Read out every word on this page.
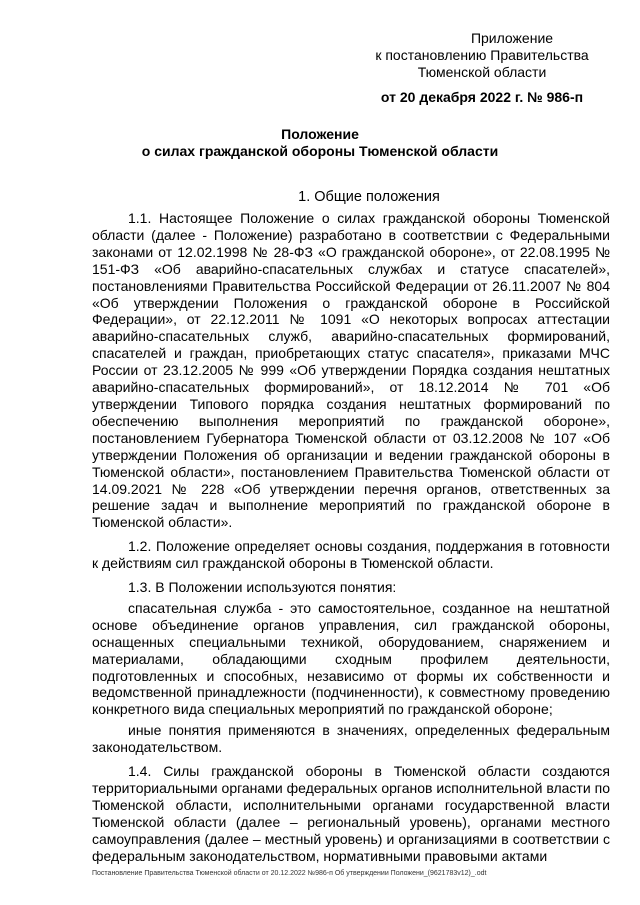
Приложение
к постановлению Правительства
Тюменской области
от 20 декабря 2022 г. № 986-п
Положение
о силах гражданской обороны Тюменской области
1. Общие положения

1.1. Настоящее Положение о силах гражданской обороны Тюменской области (далее - Положение) разработано в соответствии с Федеральными законами от 12.02.1998 № 28-ФЗ «О гражданской обороне», от 22.08.1995 № 151-ФЗ «Об аварийно-спасательных службах и статусе спасателей», постановлениями Правительства Российской Федерации от 26.11.2007 № 804 «Об утверждении Положения о гражданской обороне в Российской Федерации», от 22.12.2011 № 1091 «О некоторых вопросах аттестации аварийно-спасательных служб, аварийно-спасательных формирований, спасателей и граждан, приобретающих статус спасателя», приказами МЧС России от 23.12.2005 № 999 «Об утверждении Порядка создания нештатных аварийно-спасательных формирований», от 18.12.2014 № 701 «Об утверждении Типового порядка создания нештатных формирований по обеспечению выполнения мероприятий по гражданской обороне», постановлением Губернатора Тюменской области от 03.12.2008 № 107 «Об утверждении Положения об организации и ведении гражданской обороны в Тюменской области», постановлением Правительства Тюменской области от 14.09.2021 № 228 «Об утверждении перечня органов, ответственных за решение задач и выполнение мероприятий по гражданской обороне в Тюменской области».

1.2. Положение определяет основы создания, поддержания в готовности к действиям сил гражданской обороны в Тюменской области.

1.3. В Положении используются понятия:

спасательная служба - это самостоятельное, созданное на нештатной основе объединение органов управления, сил гражданской обороны, оснащенных специальными техникой, оборудованием, снаряжением и материалами, обладающими сходным профилем деятельности, подготовленных и способных, независимо от формы их собственности и ведомственной принадлежности (подчиненности), к совместному проведению конкретного вида специальных мероприятий по гражданской обороне;

иные понятия применяются в значениях, определенных федеральным законодательством.

1.4. Силы гражданской обороны в Тюменской области создаются территориальными органами федеральных органов исполнительной власти по Тюменской области, исполнительными органами государственной власти Тюменской области (далее – региональный уровень), органами местного самоуправления (далее – местный уровень) и организациями в соответствии с федеральным законодательством, нормативными правовыми актами

Постановление Правительства Тюменской области от 20.12.2022 №986-п Об утверждении Положени_(9621783v12)_.odt
